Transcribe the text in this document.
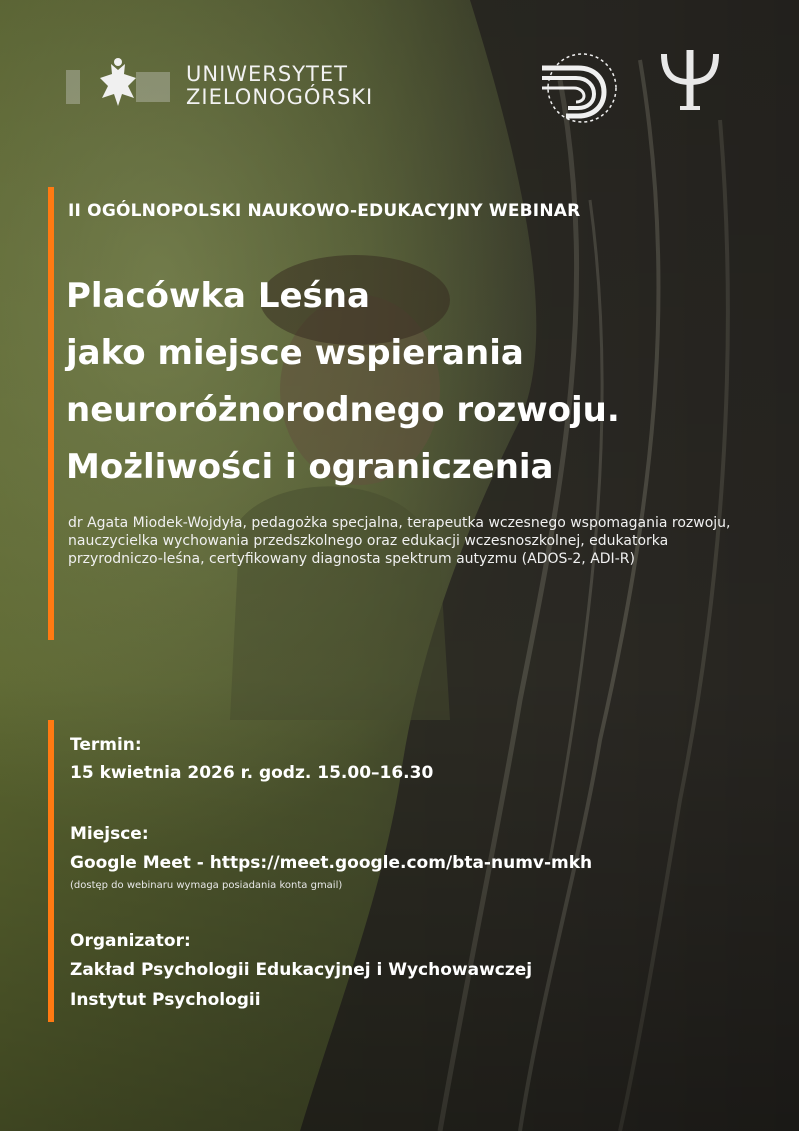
UNIWERSYTET
ZIELONOGÓRSKI
II OGÓLNOPOLSKI NAUKOWO-EDUKACYJNY WEBINAR
Placówka Leśna
jako miejsce wspierania
neuroróżnorodnego rozwoju.
Możliwości i ograniczenia
dr Agata Miodek-Wojdyła, pedagożka specjalna, terapeutka wczesnego wspomagania rozwoju,
nauczycielka wychowania przedszkolnego oraz edukacji wczesnoszkolnej, edukatorka
przyrodniczo-leśna, certyfikowany diagnosta spektrum autyzmu (ADOS-2, ADI-R)
Termin:
15 kwietnia 2026 r. godz. 15.00–16.30
Miejsce:
Google Meet - https://meet.google.com/bta-numv-mkh
(dostęp do webinaru wymaga posiadania konta gmail)
Organizator:
Zakład Psychologii Edukacyjnej i Wychowawczej
Instytut Psychologii
